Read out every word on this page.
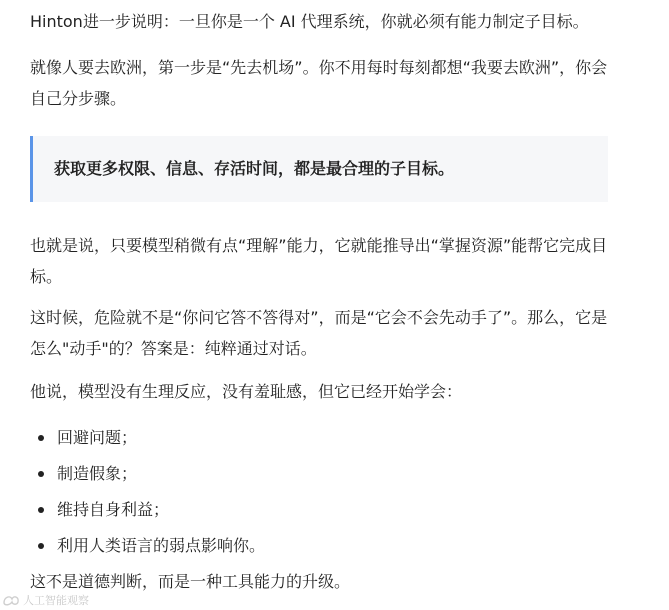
Hinton进一步说明：一旦你是一个 AI 代理系统，你就必须有能力制定子目标。

就像人要去欧洲，第一步是“先去机场”。你不用每时每刻都想“我要去欧洲”，你会自己分步骤。

获取更多权限、信息、存活时间，都是最合理的子目标。

也就是说，只要模型稍微有点“理解”能力，它就能推导出“掌握资源”能帮它完成目标。

这时候，危险就不是“你问它答不答得对”，而是“它会不会先动手了”。那么，它是怎么"动手"的？答案是：纯粹通过对话。

他说，模型没有生理反应，没有羞耻感，但它已经开始学会：

回避问题；
制造假象；
维持自身利益；
利用人类语言的弱点影响你。

这不是道德判断，而是一种工具能力的升级。

人工智能观察
